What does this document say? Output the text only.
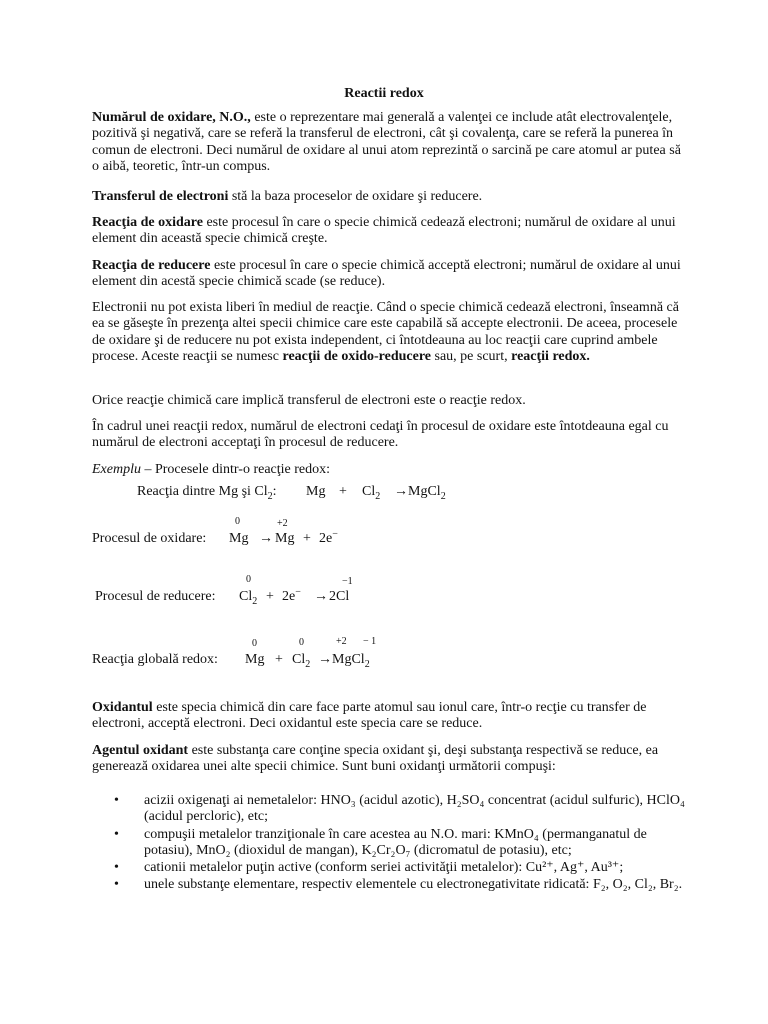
Reactii redox
Numărul de oxidare, N.O., este o reprezentare mai generală a valenţei ce include atât electrovalenţele, pozitivă şi negativă, care se referă la transferul de electroni, cât şi covalenţa, care se referă la punerea în comun de electroni. Deci numărul de oxidare al unui atom reprezintă o sarcină pe care atomul ar putea să o aibă, teoretic, într-un compus.
Transferul de electroni stă la baza proceselor de oxidare şi reducere.
Reacţia de oxidare este procesul în care o specie chimică cedează electroni; numărul de oxidare al unui element din această specie chimică creşte.
Reacţia de reducere este procesul în care o specie chimică acceptă electroni; numărul de oxidare al unui element din acestă specie chimică scade (se reduce).
Electronii nu pot exista liberi în mediul de reacţie. Când o specie chimică cedează electroni, înseamnă că ea se găseşte în prezenţa altei specii chimice care este capabilă să accepte electronii. De aceea, procesele de oxidare şi de reducere nu pot exista independent, ci întotdeauna au loc reacţii care cuprind ambele procese. Aceste reacţii se numesc reacţii de oxido-reducere sau, pe scurt, reacţii redox.
Orice reacţie chimică care implică transferul de electroni este o reacţie redox.
În cadrul unei reacţii redox, numărul de electroni cedaţi în procesul de oxidare este întotdeauna egal cu numărul de electroni acceptaţi în procesul de reducere.
Exemplu – Procesele dintr-o reacţie redox:
Reacţia dintre Mg şi $Cl_2$: $Mg + Cl_2$ → MgCl$_2$
Procesul de oxidare:
0	+2
Mg → Mg + 2e−
Procesul de reducere:
0	−1
$Cl_2 + 2e^- \to 2Cl$
Reacţia globală redox:
0	0	+2 − 1
$Mg + Cl_2$ → MgCl$_2$
Oxidantul este specia chimică din care face parte atomul sau ionul care, într-o recţie cu transfer de electroni, acceptă electroni. Deci oxidantul este specia care se reduce.
Agentul oxidant este substanţa care conţine specia oxidant şi, deşi substanţa respectivă se reduce, ea generează oxidarea unei alte specii chimice. Sunt buni oxidanţi următorii compuşi:
• acizii oxigenaţi ai nemetalelor: HNO₃ (acidul azotic), H₂SO₄ concentrat (acidul sulfuric), HClO₄ (acidul percloric), etc;
• compuşii metalelor tranziţionale în care acestea au N.O. mari: KMnO₄ (permanganatul de potasiu), MnO₂ (dioxidul de mangan), K₂Cr₂O₇ (dicromatul de potasiu), etc;
• cationii metalelor puţin active (conform seriei activităţii metalelor): Cu²⁺, Ag⁺, Au³⁺;
• unele substanţe elementare, respectiv elementele cu electronegativitate ridicată: F₂, O₂, Cl₂, Br₂.
